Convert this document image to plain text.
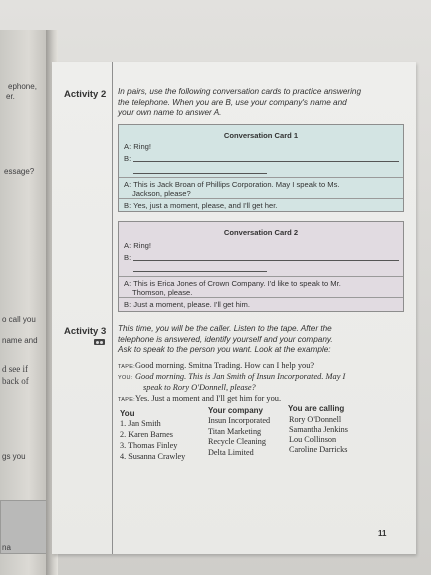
ephone,
er.
essage?
o call you
name and
d see if
back of
gs you
na
Activity 2 In pairs, use the following conversation cards to practice answering
the telephone. When you are B, use your company's name and
your own name to answer A.
Conversation Card 1
A: Ring!
B:
A: This is Jack Broan of Phillips Corporation. May I speak to Ms.
Jackson, please?
B: Yes, just a moment, please, and I'll get her.
Conversation Card 2
A: Ring!
B:
A: This is Erica Jones of Crown Company. I'd like to speak to Mr.
Thomson, please.
B: Just a moment, please. I'll get him.
Activity 3 This time, you will be the caller. Listen to the tape. After the
telephone is answered, identify yourself and your company.
Ask to speak to the person you want. Look at the example:
TAPE: Good morning. Smitna Trading. How can I help you?
YOU: Good morning. This is Jan Smith of Insun Incorporated. May I
speak to Rory O'Donnell, please?
TAPE: Yes. Just a moment and I'll get him for you.
You	Your company	You are calling
1. Jan Smith
2. Karen Barnes
3. Thomas Finley
4. Susanna Crawley
Insun Incorporated
Titan Marketing
Recycle Cleaning
Delta Limited
Rory O'Donnell
Samantha Jenkins
Lou Collinson
Caroline Darricks
11
